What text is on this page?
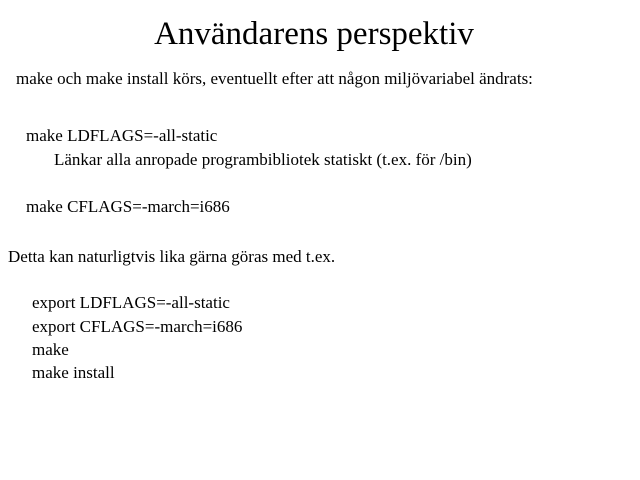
Användarens perspektiv
make och make install körs, eventuellt efter att någon miljövariabel ändrats:
make LDFLAGS=-all-static
Länkar alla anropade programbibliotek statiskt (t.ex. för /bin)
make CFLAGS=-march=i686
Detta kan naturligtvis lika gärna göras med t.ex.
export LDFLAGS=-all-static
export CFLAGS=-march=i686
make
make install
